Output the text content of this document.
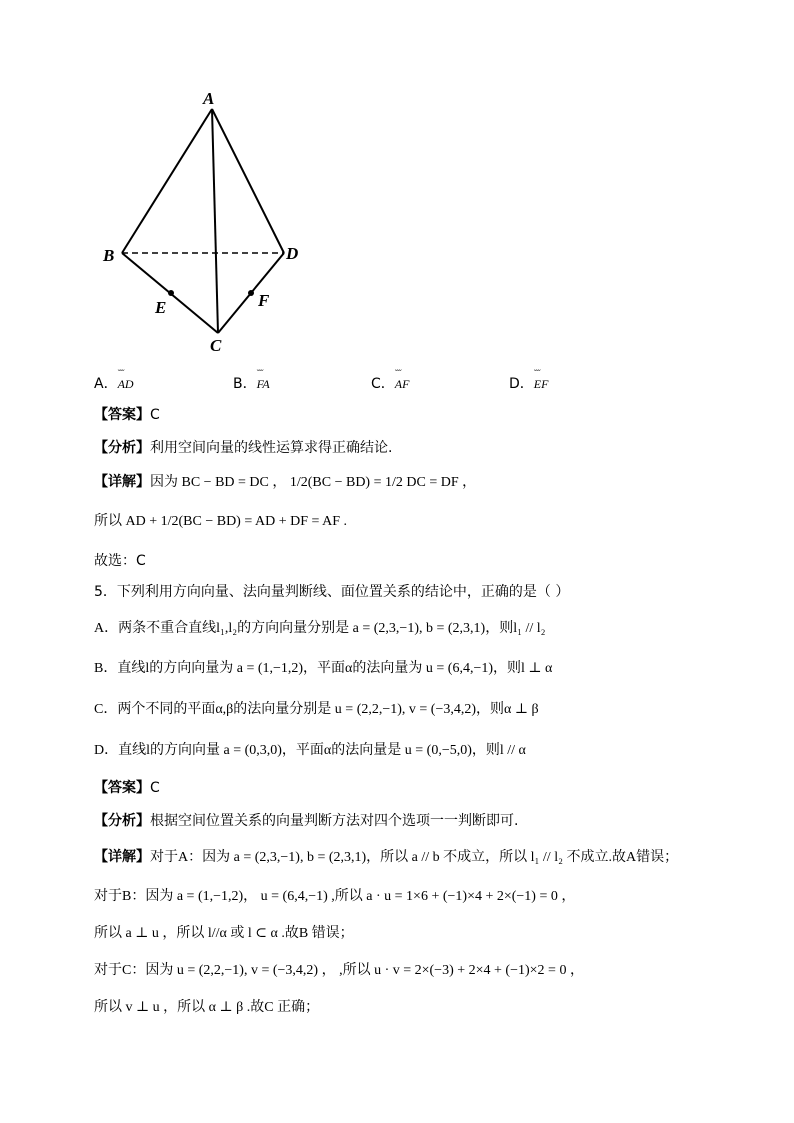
A
B
C
D
E	F
A．˘˘˘ AD	B．˘˘˘ FA	C．˘˘˘ AF	D．˘˘˘ EF
【答案】C
【分析】利用空间向量的线性运算求得正确结论.
【详解】因为 BC − BD = DC ， 1/2(BC − BD) = 1/2 DC = DF ，
所以 AD + 1/2(BC − BD) = AD + DF = AF .
故选：C
5．下列利用方向向量、法向量判断线、面位置关系的结论中，正确的是（ ）
A．两条不重合直线l₁,l₂的方向向量分别是 a = (2,3,−1), b = (2,3,1)，则l₁ // l₂
B．直线l的方向向量为 a = (1,−1,2)，平面α的法向量为 u = (6,4,−1)，则l ⊥ α
C．两个不同的平面α,β的法向量分别是 u = (2,2,−1), v = (−3,4,2)，则α ⊥ β
D．直线l的方向向量 a = (0,3,0)，平面α的法向量是 u = (0,−5,0)，则l // α
【答案】C
【分析】根据空间位置关系的向量判断方法对四个选项一一判断即可.
【详解】对于A：因为 a = (2,3,−1), b = (2,3,1)，所以 a // b 不成立，所以 l₁ // l₂ 不成立.故A错误；
对于B：因为 a = (1,−1,2)， u = (6,4,−1) ,所以 a · u = 1×6 + (−1)×4 + 2×(−1) = 0 ，
所以 a ⊥ u ，所以 l//α 或 l ⊂ α .故B 错误；
对于C：因为 u = (2,2,−1), v = (−3,4,2) ， ,所以 u · v = 2×(−3) + 2×4 + (−1)×2 = 0 ，
所以 v ⊥ u ，所以 α ⊥ β .故C 正确；
